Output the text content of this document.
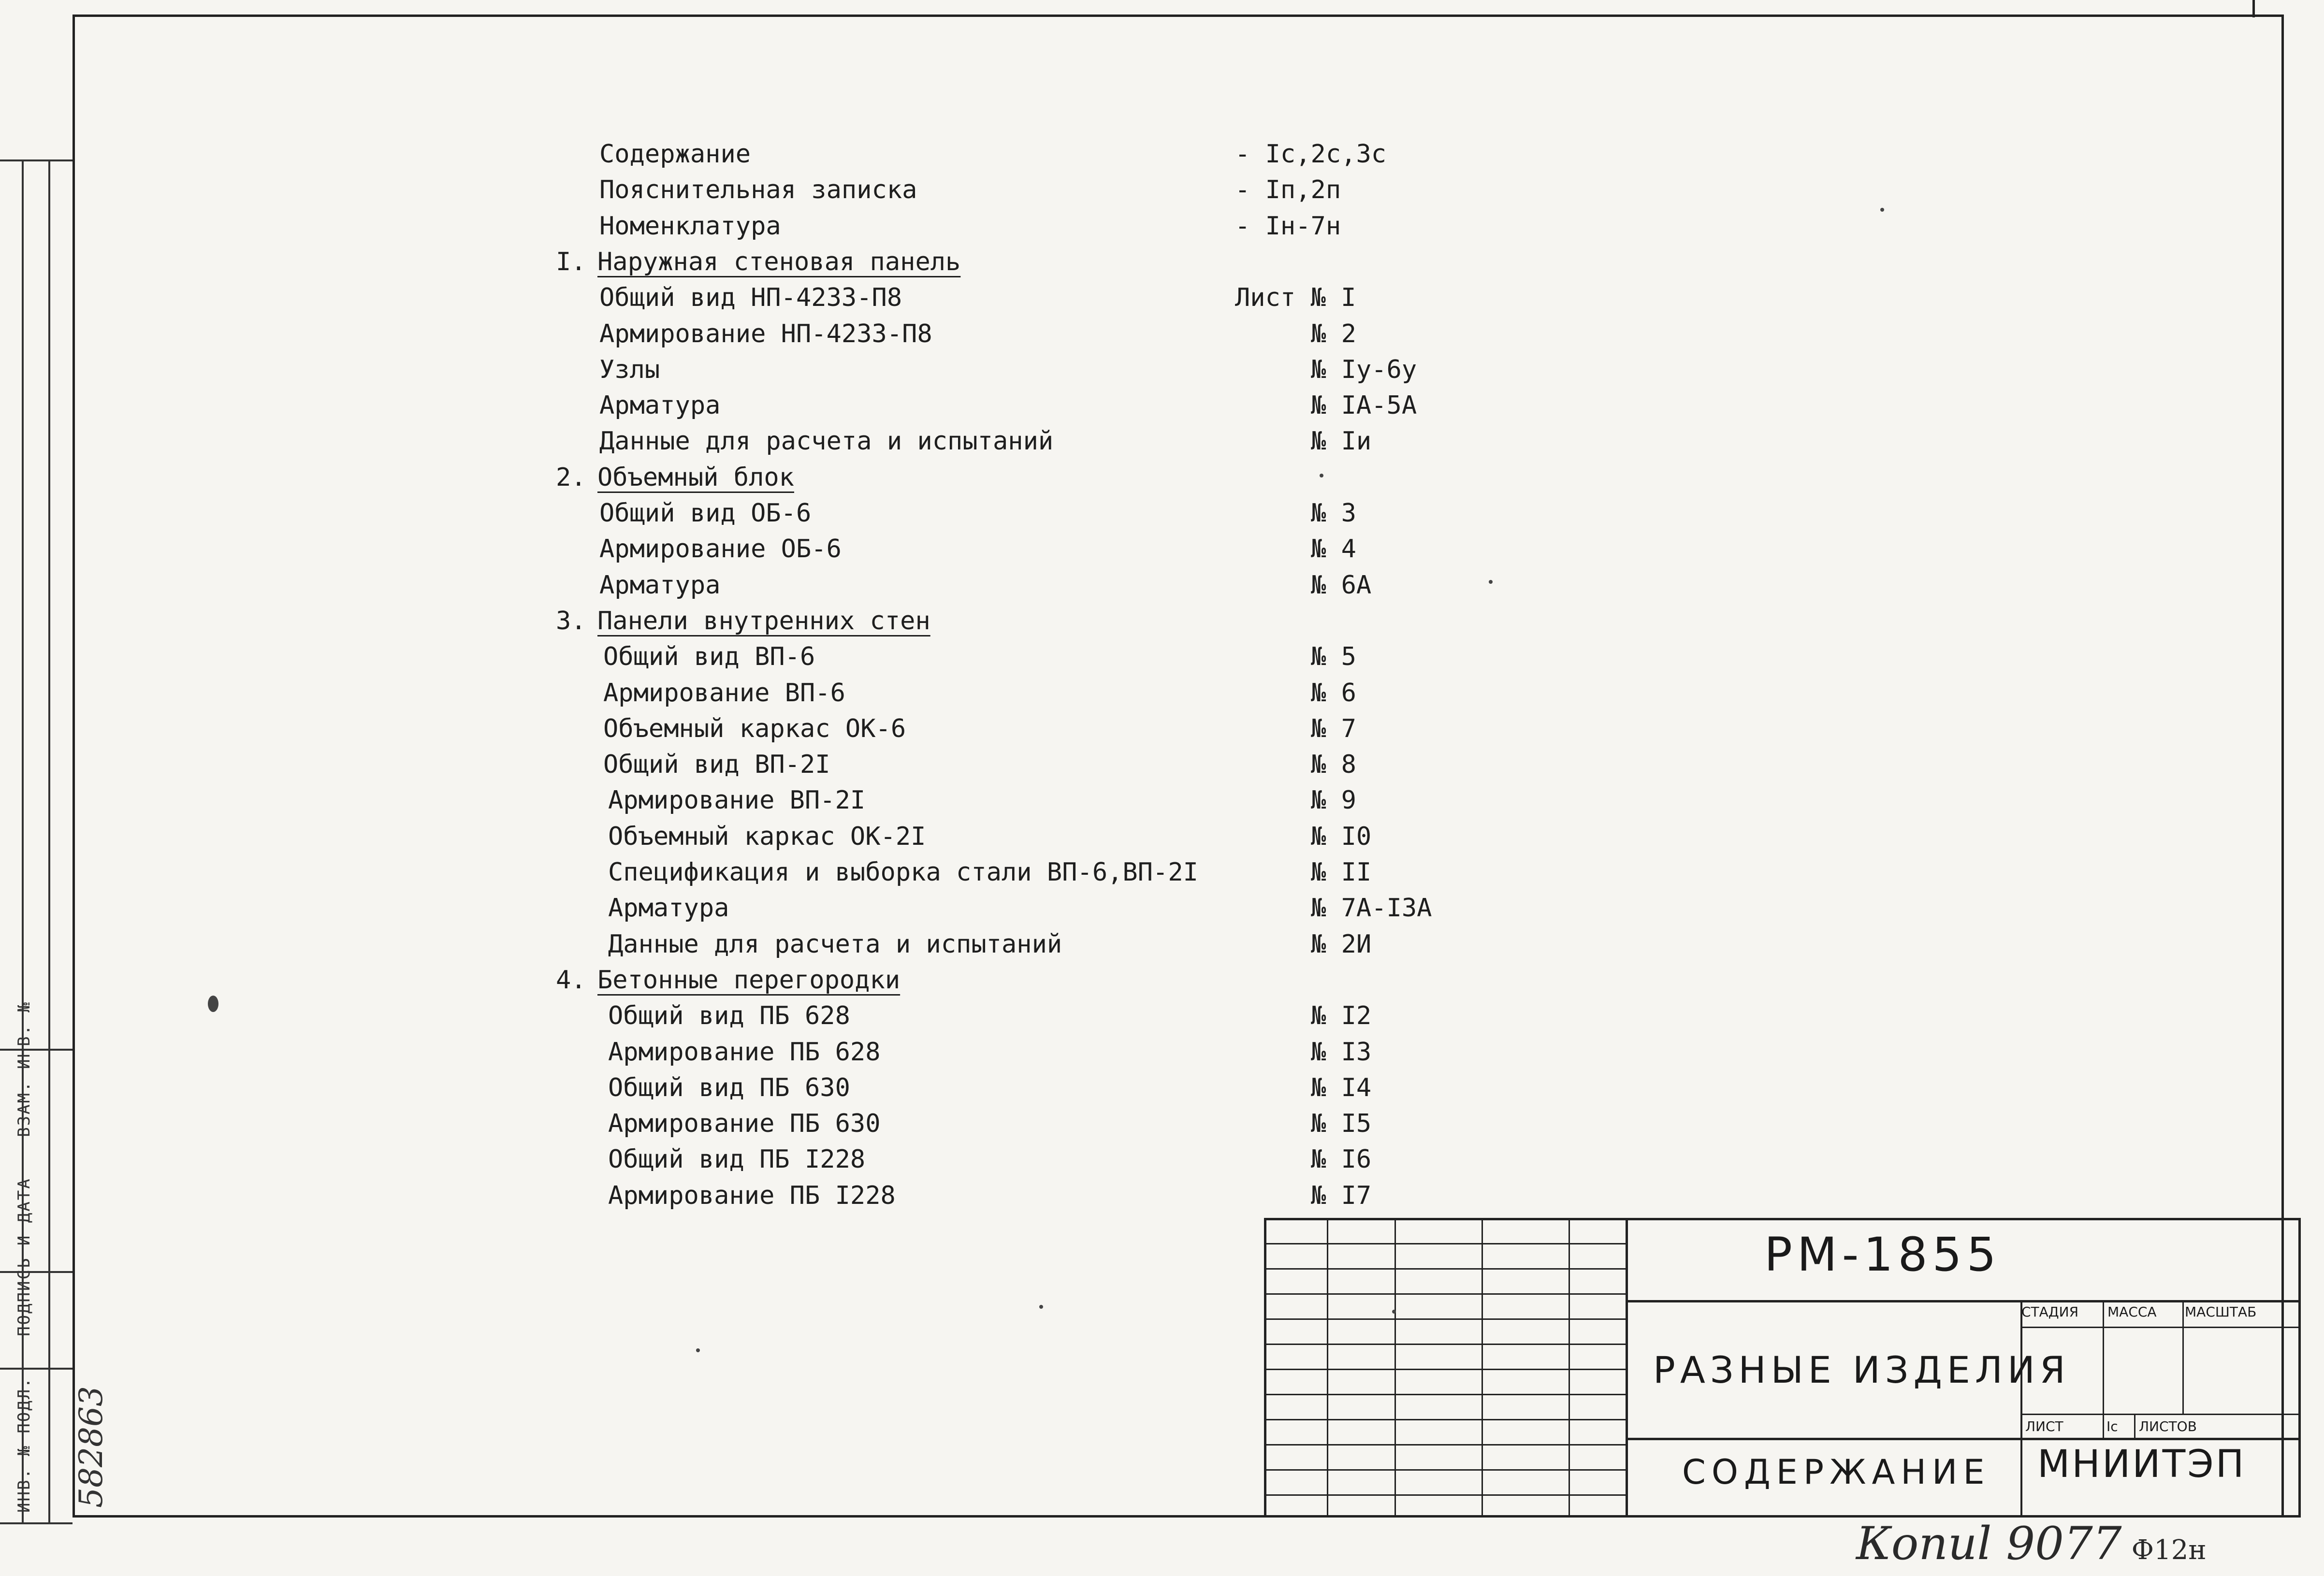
ИНВ. № ПОДЛ. ПОДПИСЬ И ДАТА ВЗАМ. ИНВ. №
582863
Содержание	- Ic,2c,3c
Пояснительная записка	- Iп,2п
Номенклатура	- Iн-7н
I. Наружная стеновая панель
Общий вид НП-4233-П8	Лист № I
Армирование НП-4233-П8	№ 2
Узлы	№ Iу-6у
Арматура	№ IA-5A
Данные для расчета и испытаний	№ Iи
2. Объемный блок
Общий вид ОБ-6	№ 3
Армирование ОБ-6	№ 4
Арматура	№ 6A
3. Панели внутренних стен
Общий вид ВП-6	№ 5
Армирование ВП-6	№ 6
Объемный каркас ОК-6	№ 7
Общий вид ВП-2I	№ 8
Армирование ВП-2I	№ 9
Объемный каркас ОК-2I	№ I0
Спецификация и выборка стали ВП-6,ВП-2I	№ II
Арматура	№ 7A-I3A
Данные для расчета и испытаний	№ 2И
4. Бетонные перегородки
Общий вид ПБ 628	№ I2
Армирование ПБ 628	№ I3
Общий вид ПБ 630	№ I4
Армирование ПБ 630	№ I5
Общий вид ПБ I228	№ I6
Армирование ПБ I228	№ I7
РМ-1855
РАЗНЫЕ ИЗДЕЛИЯ
СОДЕРЖАНИЕ
СТАДИЯ МАССА МАСШТАБ
ЛИСТ	Iс ЛИСТОВ
МНИИТЭП
Копиl 9077 Ф12н
